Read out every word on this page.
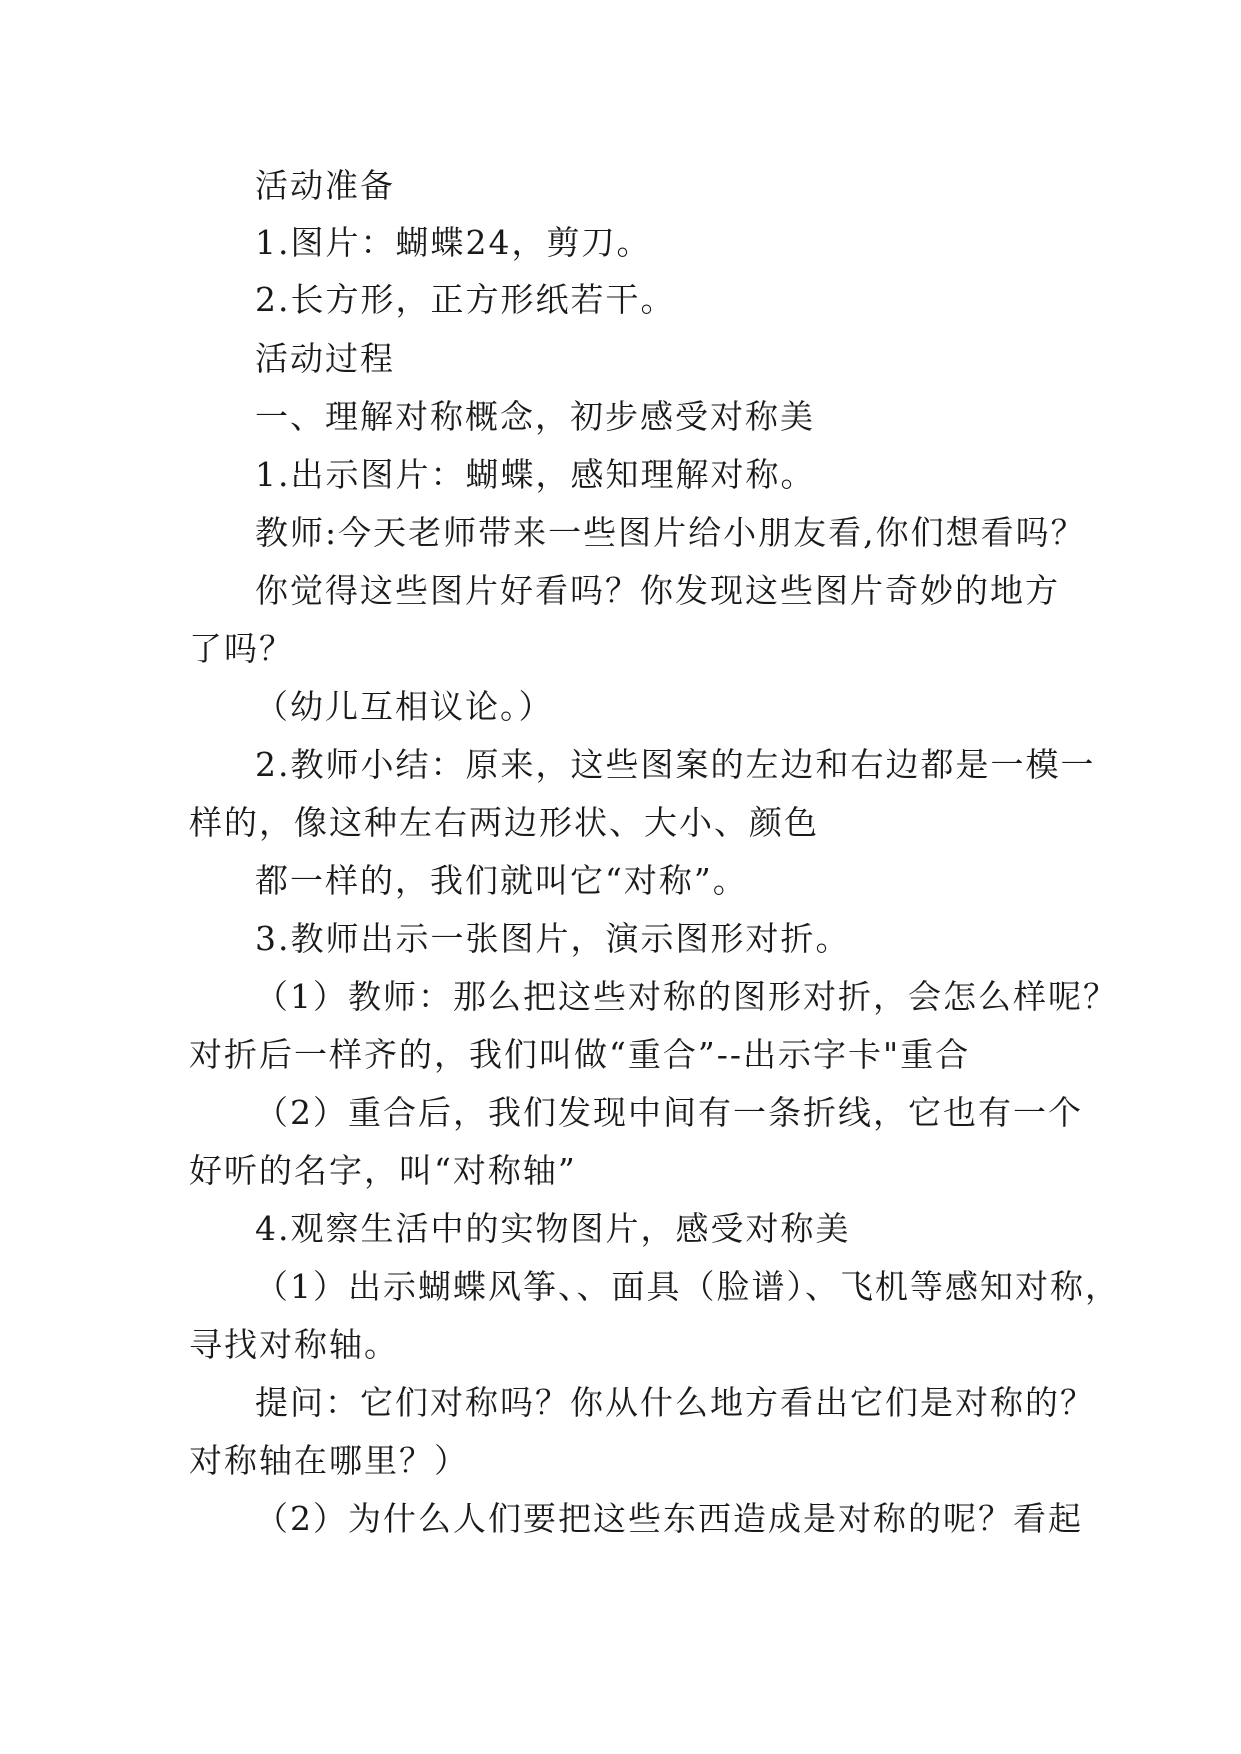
活动准备

1.图片：蝴蝶24，剪刀。

2.长方形，正方形纸若干。

活动过程

一、理解对称概念，初步感受对称美

1.出示图片：蝴蝶，感知理解对称。

教师:今天老师带来一些图片给小朋友看,你们想看吗？

你觉得这些图片好看吗？你发现这些图片奇妙的地方

了吗？

（幼儿互相议论。）

2.教师小结：原来，这些图案的左边和右边都是一模一

样的，像这种左右两边形状、大小、颜色

都一样的，我们就叫它“对称”。

3.教师出示一张图片，演示图形对折。

（1）教师：那么把这些对称的图形对折，会怎么样呢？

对折后一样齐的，我们叫做“重合”--出示字卡"重合

（2）重合后，我们发现中间有一条折线，它也有一个

好听的名字，叫“对称轴”

4.观察生活中的实物图片，感受对称美

（1）出示蝴蝶风筝、、面具（脸谱）、飞机等感知对称，

寻找对称轴。

提问：它们对称吗？你从什么地方看出它们是对称的？

对称轴在哪里？）

（2）为什么人们要把这些东西造成是对称的呢？看起
